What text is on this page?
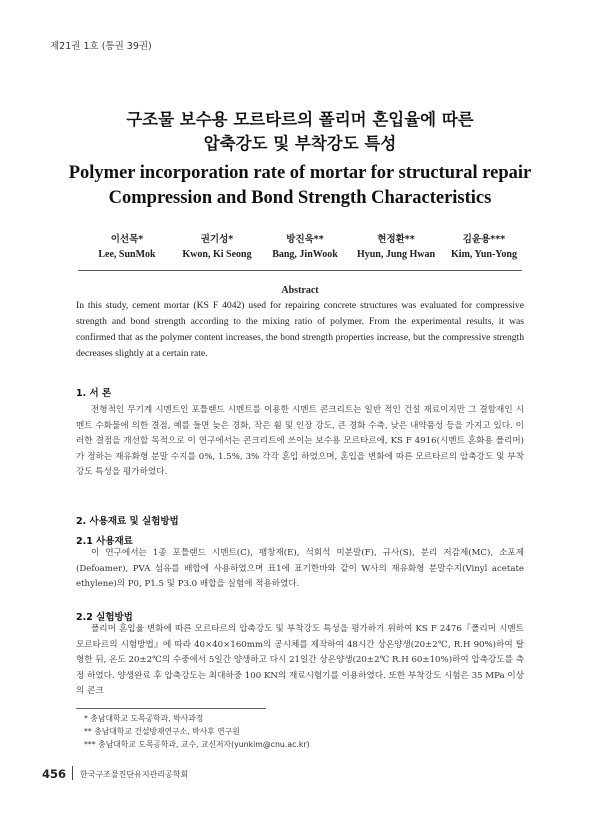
제21권 1호 (통권 39권)
구조물 보수용 모르타르의 폴리머 혼입율에 따른
압축강도 및 부착강도 특성
Polymer incorporation rate of mortar for structural repair
Compression and Bond Strength Characteristics
이선목*
Lee, SunMok
권기성*
Kwon, Ki Seong
방진욱**
Bang, JinWook
현정환**
Hyun, Jung Hwan
김윤용***
Kim, Yun-Yong
Abstract
In this study, cement mortar (KS F 4042) used for repairing concrete structures was evaluated for compressive strength and bond strength according to the mixing ratio of polymer. From the experimental results, it was confirmed that as the polymer content increases, the bond strength properties increase, but the compressive strength decreases slightly at a certain rate.
1. 서 론

전형적인 무기계 시멘트인 포틀랜드 시멘트를 이용한 시멘트 콘크리트는 일반 적인 건설 재료이지만 그 결함재인 시멘트 수화물에 의한 결점, 예를 들면 늦은 경화, 작은 휨 및 인장 강도, 큰 경화 수축, 낮은 내약품성 등을 가지고 있다. 이러한 결점을 개선할 목적으로 이 연구에서는 콘크리트에 쓰이는 보수용 모르타르에, KS F 4916(시멘트 혼화용 폴리머)가 정하는 재유화형 분말 수지를 0%, 1.5%, 3% 각각 혼입 하였으며, 혼입을 변화에 따른 모르타르의 압축강도 및 부착강도 특성을 평가하였다.

2. 사용재료 및 실험방법
2.1 사용재료

이 연구에서는 1종 포틀랜드 시멘트(C), 팽창재(E), 석회석 미분말(F), 규사(S), 분리 저감제(MC), 소포제(Defoamer), PVA 섬유를 배합에 사용하였으며 표1에 표기한바와 같이 W사의 재유화형 분말수지(Vinyl acetate ethylene)의 P0, P1.5 및 P3.0 배합을 실험에 적용하였다.

2.2 실험방법

폴리머 혼입율 변화에 따른 모르타르의 압축강도 및 부착강도 특성을 평가하기 위하여 KS F 2476『폴리머 시멘트 모르타르의 시험방법』에 따라 40×40×160mm의 공시체를 제작하여 48시간 상온양생(20±2℃, R.H 90%)하여 탈형한 뒤, 온도 20±2℃의 수중에서 5일간 양생하고 다시 21일간 상온양생(20±2℃ R.H 60±10%)하여 압축강도를 측정 하였다. 양생완료 후 압축강도는 최대하중 100 KN의 재료시험기를 이용하였다. 또한 부착강도 시험은 35 MPa 이상의 콘크

* 충남대학교 도목공학과, 박사과정
** 충남대학교 건설방재연구소, 박사후 연구원
*** 충남대학교 도목공학과, 교수, 교신저자(yunkim@cnu.ac.kr)
456 한국구조물진단유지관리공학회
